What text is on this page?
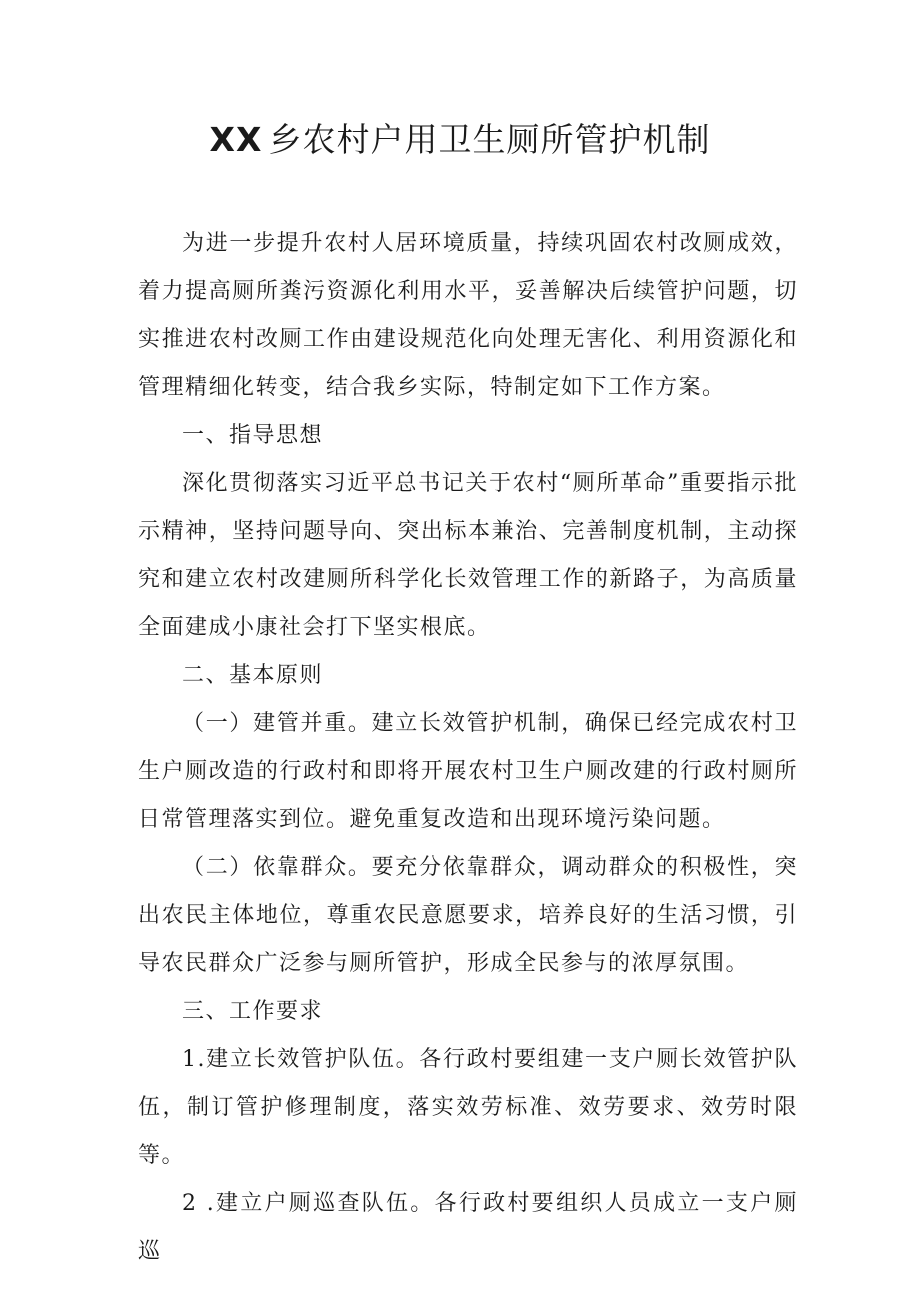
XX 乡农村户用卫生厕所管护机制

为进一步提升农村人居环境质量，持续巩固农村改厕成效，着力提高厕所粪污资源化利用水平，妥善解决后续管护问题，切实推进农村改厕工作由建设规范化向处理无害化、利用资源化和管理精细化转变，结合我乡实际，特制定如下工作方案。

一、指导思想

深化贯彻落实习近平总书记关于农村“厕所革命”重要指示批示精神，坚持问题导向、突出标本兼治、完善制度机制，主动探究和建立农村改建厕所科学化长效管理工作的新路子，为高质量全面建成小康社会打下坚实根底。

二、基本原则

（一）建管并重。建立长效管护机制，确保已经完成农村卫生户厕改造的行政村和即将开展农村卫生户厕改建的行政村厕所日常管理落实到位。避免重复改造和出现环境污染问题。

（二）依靠群众。要充分依靠群众，调动群众的积极性，突出农民主体地位，尊重农民意愿要求，培养良好的生活习惯，引导农民群众广泛参与厕所管护，形成全民参与的浓厚氛围。

三、工作要求

1.建立长效管护队伍。各行政村要组建一支户厕长效管护队伍，制订管护修理制度，落实效劳标准、效劳要求、效劳时限等。

2 .建立户厕巡查队伍。各行政村要组织人员成立一支户厕巡
